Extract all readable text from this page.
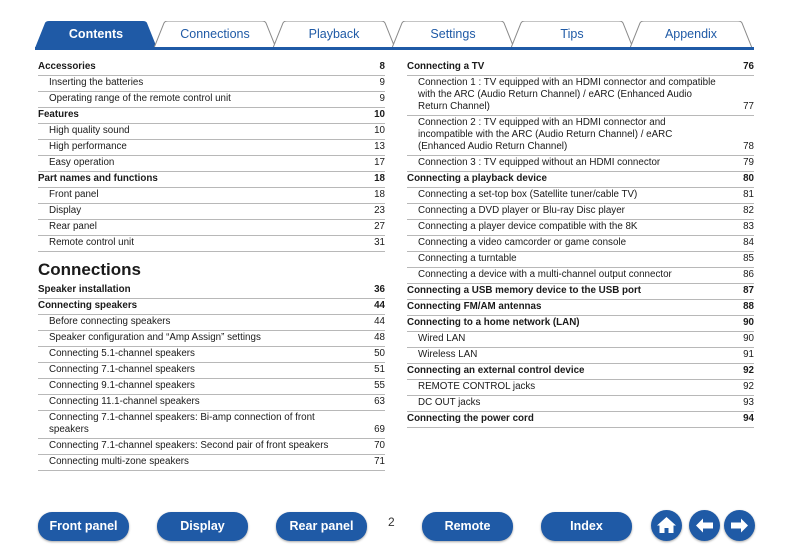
Contents	Connections	Playback	Settings	Tips	Appendix
Accessories	8
Inserting the batteries	9
Operating range of the remote control unit	9
Features	10
High quality sound	10
High performance	13
Easy operation	17
Part names and functions	18
Front panel	18
Display	23
Rear panel	27
Remote control unit	31
Connections
Speaker installation	36
Connecting speakers	44
Before connecting speakers	44
Speaker configuration and “Amp Assign” settings	48
Connecting 5.1-channel speakers	50
Connecting 7.1-channel speakers	51
Connecting 9.1-channel speakers	55
Connecting 11.1-channel speakers	63
Connecting 7.1-channel speakers: Bi-amp connection of front speakers	69
Connecting 7.1-channel speakers: Second pair of front speakers	70
Connecting multi-zone speakers	71
Connecting a TV	76
Connection 1 : TV equipped with an HDMI connector and compatible with the ARC (Audio Return Channel) / eARC (Enhanced Audio Return Channel)	77
Connection 2 : TV equipped with an HDMI connector and incompatible with the ARC (Audio Return Channel) / eARC (Enhanced Audio Return Channel)	78
Connection 3 : TV equipped without an HDMI connector	79
Connecting a playback device	80
Connecting a set-top box (Satellite tuner/cable TV)	81
Connecting a DVD player or Blu-ray Disc player	82
Connecting a player device compatible with the 8K	83
Connecting a video camcorder or game console	84
Connecting a turntable	85
Connecting a device with a multi-channel output connector	86
Connecting a USB memory device to the USB port	87
Connecting FM/AM antennas	88
Connecting to a home network (LAN)	90
Wired LAN	90
Wireless LAN	91
Connecting an external control device	92
REMOTE CONTROL jacks	92
DC OUT jacks	93
Connecting the power cord	94
Front panel	Display	Rear panel	2	Remote	Index
